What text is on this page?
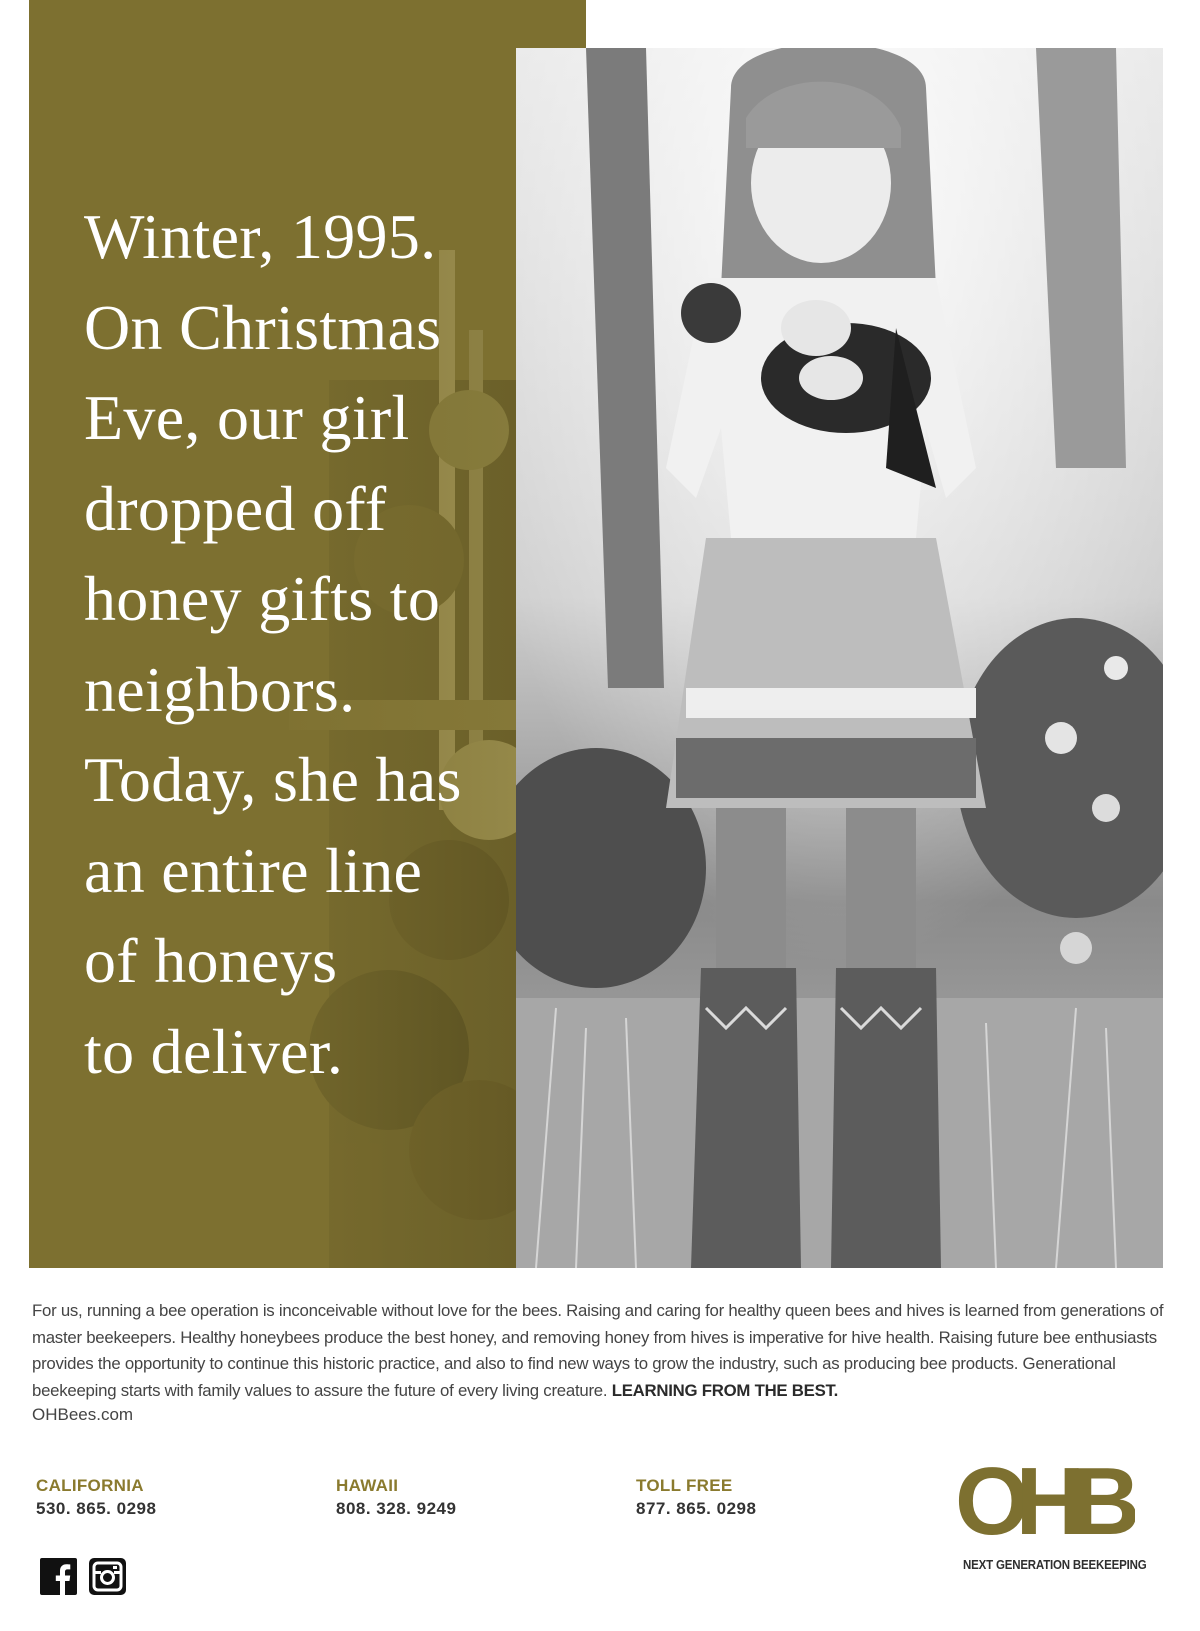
Winter, 1995.
On Christmas
Eve, our girl
dropped off
honey gifts to
neighbors.
Today, she has
an entire line
of honeys
to deliver.

For us, running a bee operation is inconceivable without love for the bees. Raising and caring for healthy queen bees and hives is learned from generations of master beekeepers. Healthy honeybees produce the best honey, and removing honey from hives is imperative for hive health. Raising future bee enthusiasts provides the opportunity to continue this historic practice, and also to find new ways to grow the industry, such as producing bee products. Generational beekeeping starts with family values to assure the future of every living creature. LEARNING FROM THE BEST.

OHBees.com
CALIFORNIA
530. 865. 0298
HAWAII
808. 328. 9249
TOLL FREE
877. 865. 0298 OHB
NEXT GENERATION BEEKEEPING
